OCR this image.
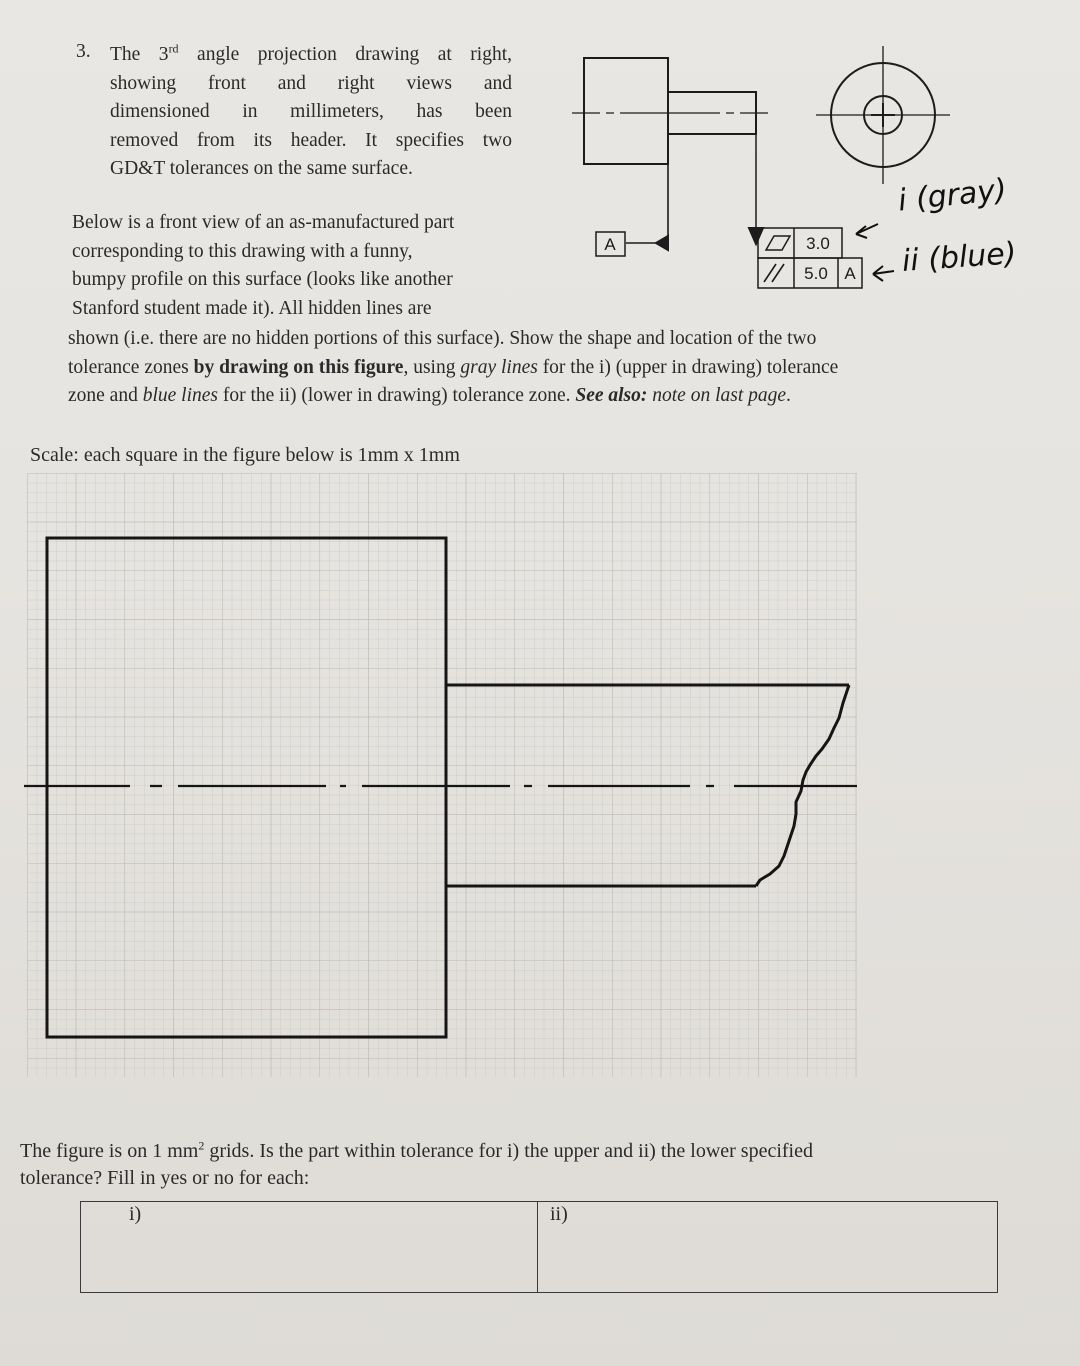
3. The 3rd angle projection drawing at right,
showing front and right views and
dimensioned in millimeters, has been
removed from its header. It specifies two
GD&T tolerances on the same surface.
Below is a front view of an as-manufactured part
corresponding to this drawing with a funny,
bumpy profile on this surface (looks like another
Stanford student made it). All hidden lines are
shown (i.e. there are no hidden portions of this surface). Show the shape and location of the two
tolerance zones by drawing on this figure, using gray lines for the i) (upper in drawing) tolerance
zone and blue lines for the ii) (lower in drawing) tolerance zone. See also: note on last page.
Scale: each square in the figure below is 1mm x 1mm
A	3.0
5.0 A
i (gray)
ii (blue)
The figure is on 1 $mm^2$ grids. Is the part within tolerance for i) the upper and ii) the lower specified
tolerance? Fill in yes or no for each:
i)	ii)
